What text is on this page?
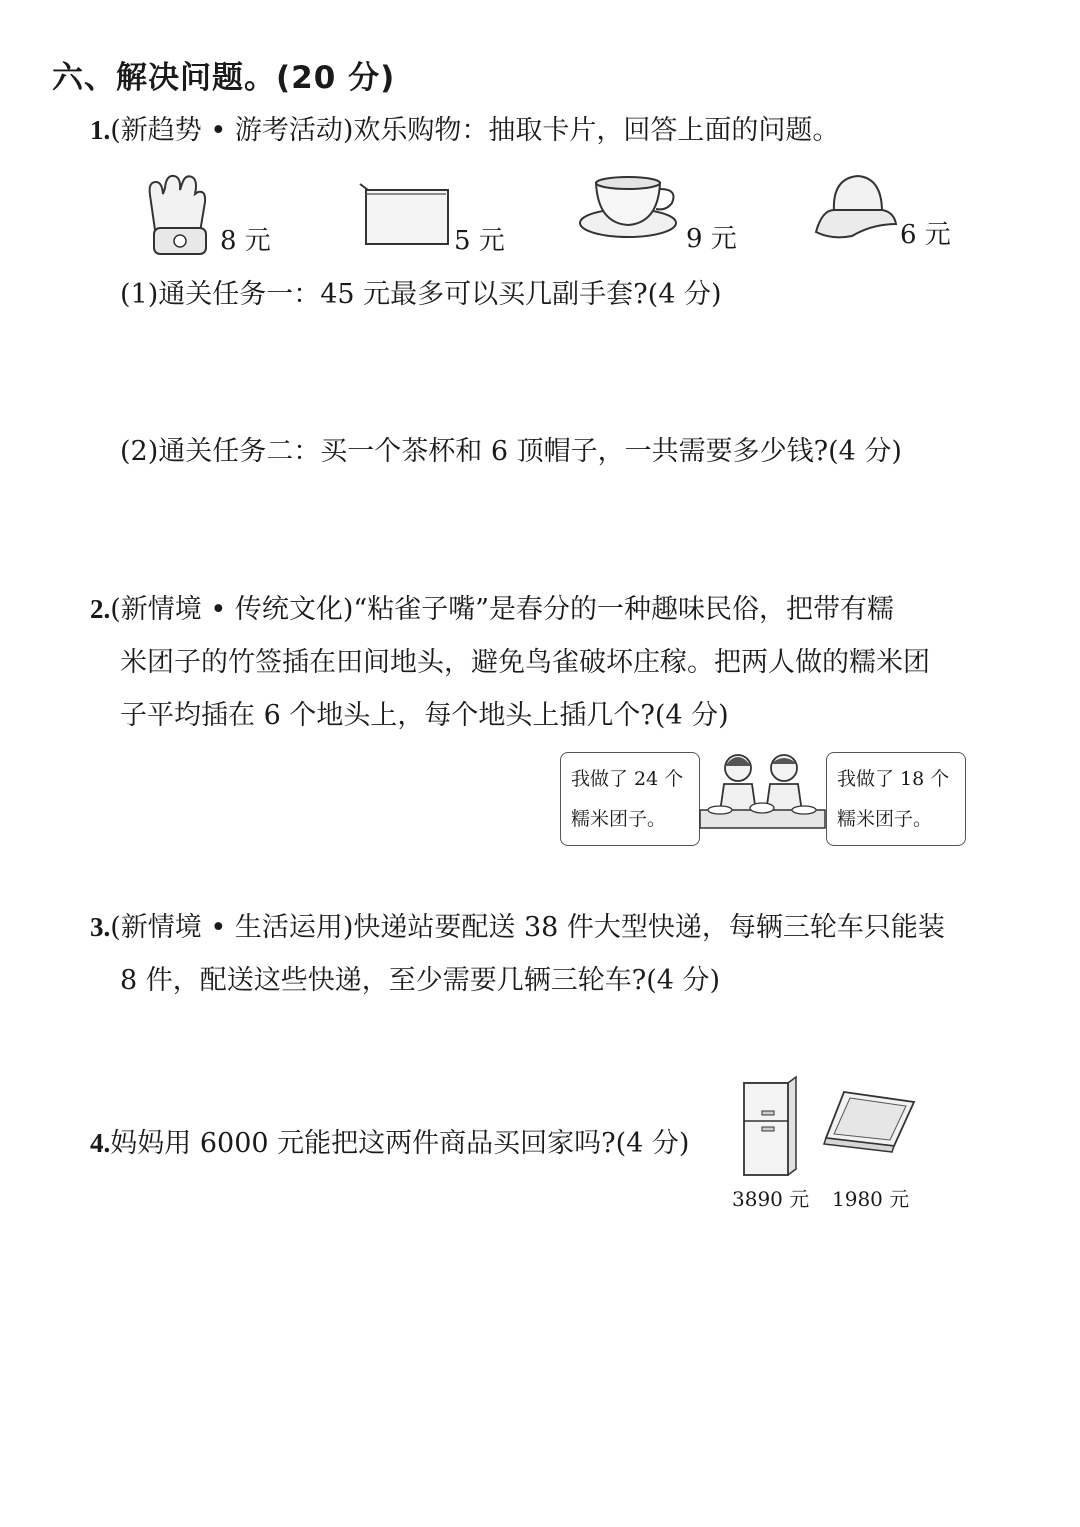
六、解决问题。(20 分)
1.(新趋势 • 游考活动)欢乐购物：抽取卡片，回答上面的问题。
8 元	5 元	9 元	6 元
(1)通关任务一：45 元最多可以买几副手套?(4 分)
(2)通关任务二：买一个茶杯和 6 顶帽子，一共需要多少钱?(4 分)
2.(新情境 • 传统文化)“粘雀子嘴”是春分的一种趣味民俗，把带有糯
米团子的竹签插在田间地头，避免鸟雀破坏庄稼。把两人做的糯米团
子平均插在 6 个地头上，每个地头上插几个?(4 分)
我做了 24 个
糯米团子。
我做了 18 个
糯米团子。
3.(新情境 • 生活运用)快递站要配送 38 件大型快递，每辆三轮车只能装
8 件，配送这些快递，至少需要几辆三轮车?(4 分)
4.妈妈用 6000 元能把这两件商品买回家吗?(4 分)
3890 元 1980 元
